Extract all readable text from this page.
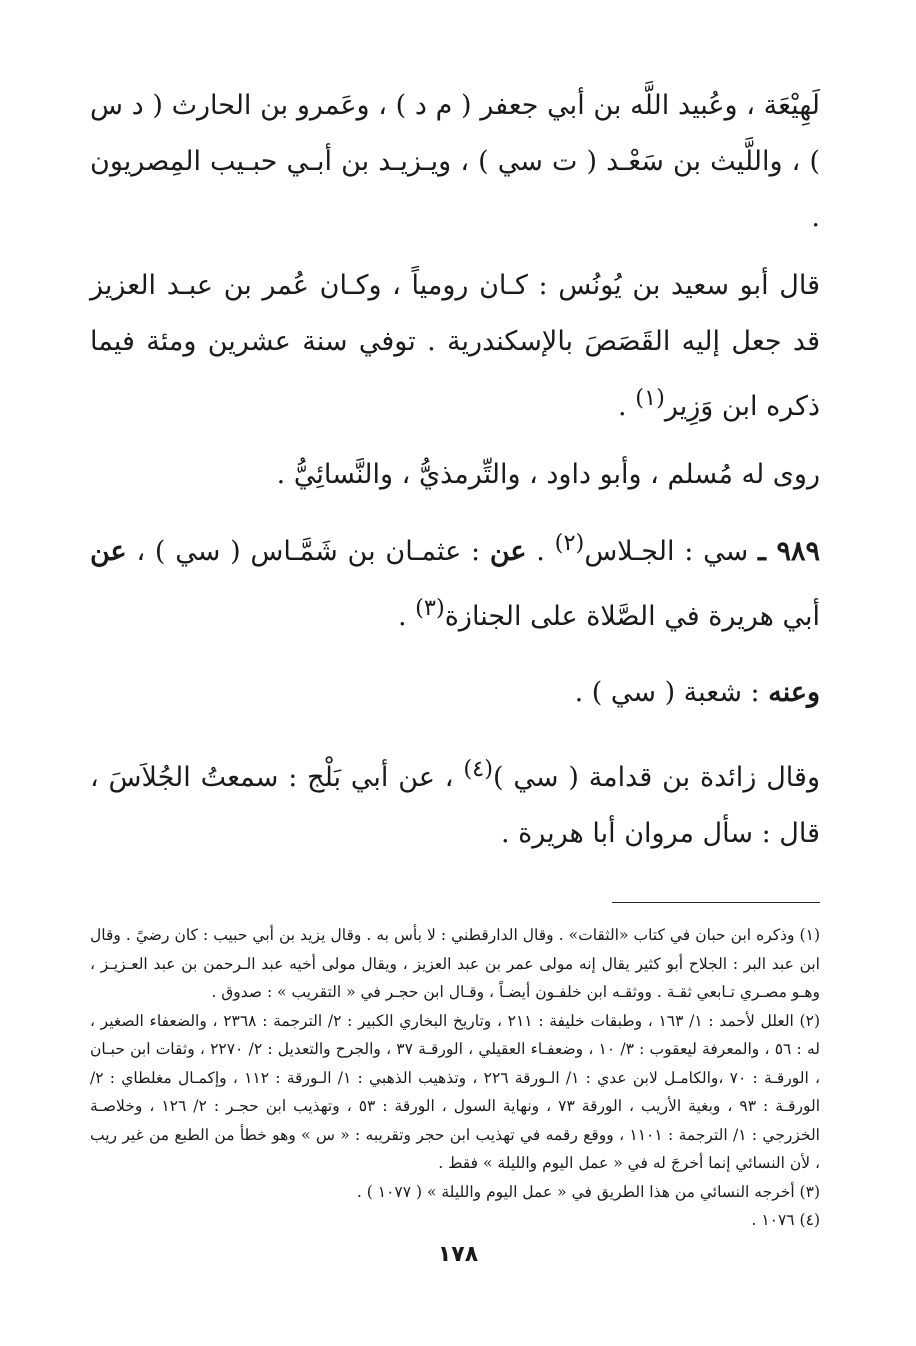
لَهِيْعَة ، وعُبيد اللَّه بن أبي جعفر ( م د ) ، وعَمرو بن الحارث ( د س ) ، واللَّيث بن سَعْـد ( ت سي ) ، ويـزيـد بن أبـي حبـيب المِصريون .

قال أبو سعيد بن يُونُس : كـان رومياً ، وكـان عُمر بن عبـد العزيز قد جعل إليه القَصَصَ بالإسكندرية . توفي سنة عشرين ومئة فيما ذكره ابن وَزِير$^{(١)}$ .

روى له مُسلم ، وأبو داود ، والتِّرمذيُّ ، والنَّسائِيُّ .

٩٨٩ ـ سي : الجـلاس$^{(٢)}$ . عن : عثمـان بن شَمَّـاس ( سي ) ، عن أبي هريرة في الصَّلاة على الجنازة$^{(٣)}$ .

وعنه : شعبة ( سي ) .

وقال زائدة بن قدامة ( سي )$^{(٤)}$ ، عن أبي بَلْج : سمعتُ الجُلاَسَ ، قال : سأل مروان أبا هريرة .

(١) وذكره ابن حبان في كتاب «الثقات» . وقال الدارقطني : لا بأس به . وقال يزيد بن أبي حبيب : كان رضيً . وقال ابن عبد البر : الجلاح أبو كثير يقال إنه مولى عمر بن عبد العزيز ، ويقال مولى أخيه عبد الـرحمن بن عبد العـزيـز ، وهـو مصـري تـابعي ثقـة . ووثقـه ابن خلفـون أيضـاً ، وقـال ابن حجـر في « التقريب » : صدوق .

(٢) العلل لأحمد : ١/ ١٦٣ ، وطبقات خليفة : ٢١١ ، وتاريخ البخاري الكبير : ٢/ الترجمة : ٢٣٦٨ ، والضعفاء الصغير ، له : ٥٦ ، والمعرفة ليعقوب : ٣/ ١٠ ، وضعفـاء العقيلي ، الورقـة ٣٧ ، والجرح والتعديل : ٢/ ٢٢٧٠ ، وثقات ابن حبـان ، الورقـة : ٧٠ ،والكامـل لابن عدي : ١/ الـورقة ٢٢٦ ، وتذهيب الذهبي : ١/ الـورقة : ١١٢ ، وإكمـال مغلطاي : ٢/ الورقـة : ٩٣ ، وبغية الأريب ، الورقة ٧٣ ، ونهاية السول ، الورقة : ٥٣ ، وتهذيب ابن حجـر : ٢/ ١٢٦ ، وخلاصـة الخزرجي : ١/ الترجمة : ١١٠١ ، ووقع رقمه في تهذيب ابن حجر وتقريبه : « س » وهو خطأ من الطبع من غير ريب ، لأن النسائي إنما أخرجَ له في « عمل اليوم والليلة » فقط .

(٣) أخرجه النسائي من هذا الطريق في « عمل اليوم والليلة » ( ١٠٧٧ ) .

(٤) ١٠٧٦ .

١٧٨
